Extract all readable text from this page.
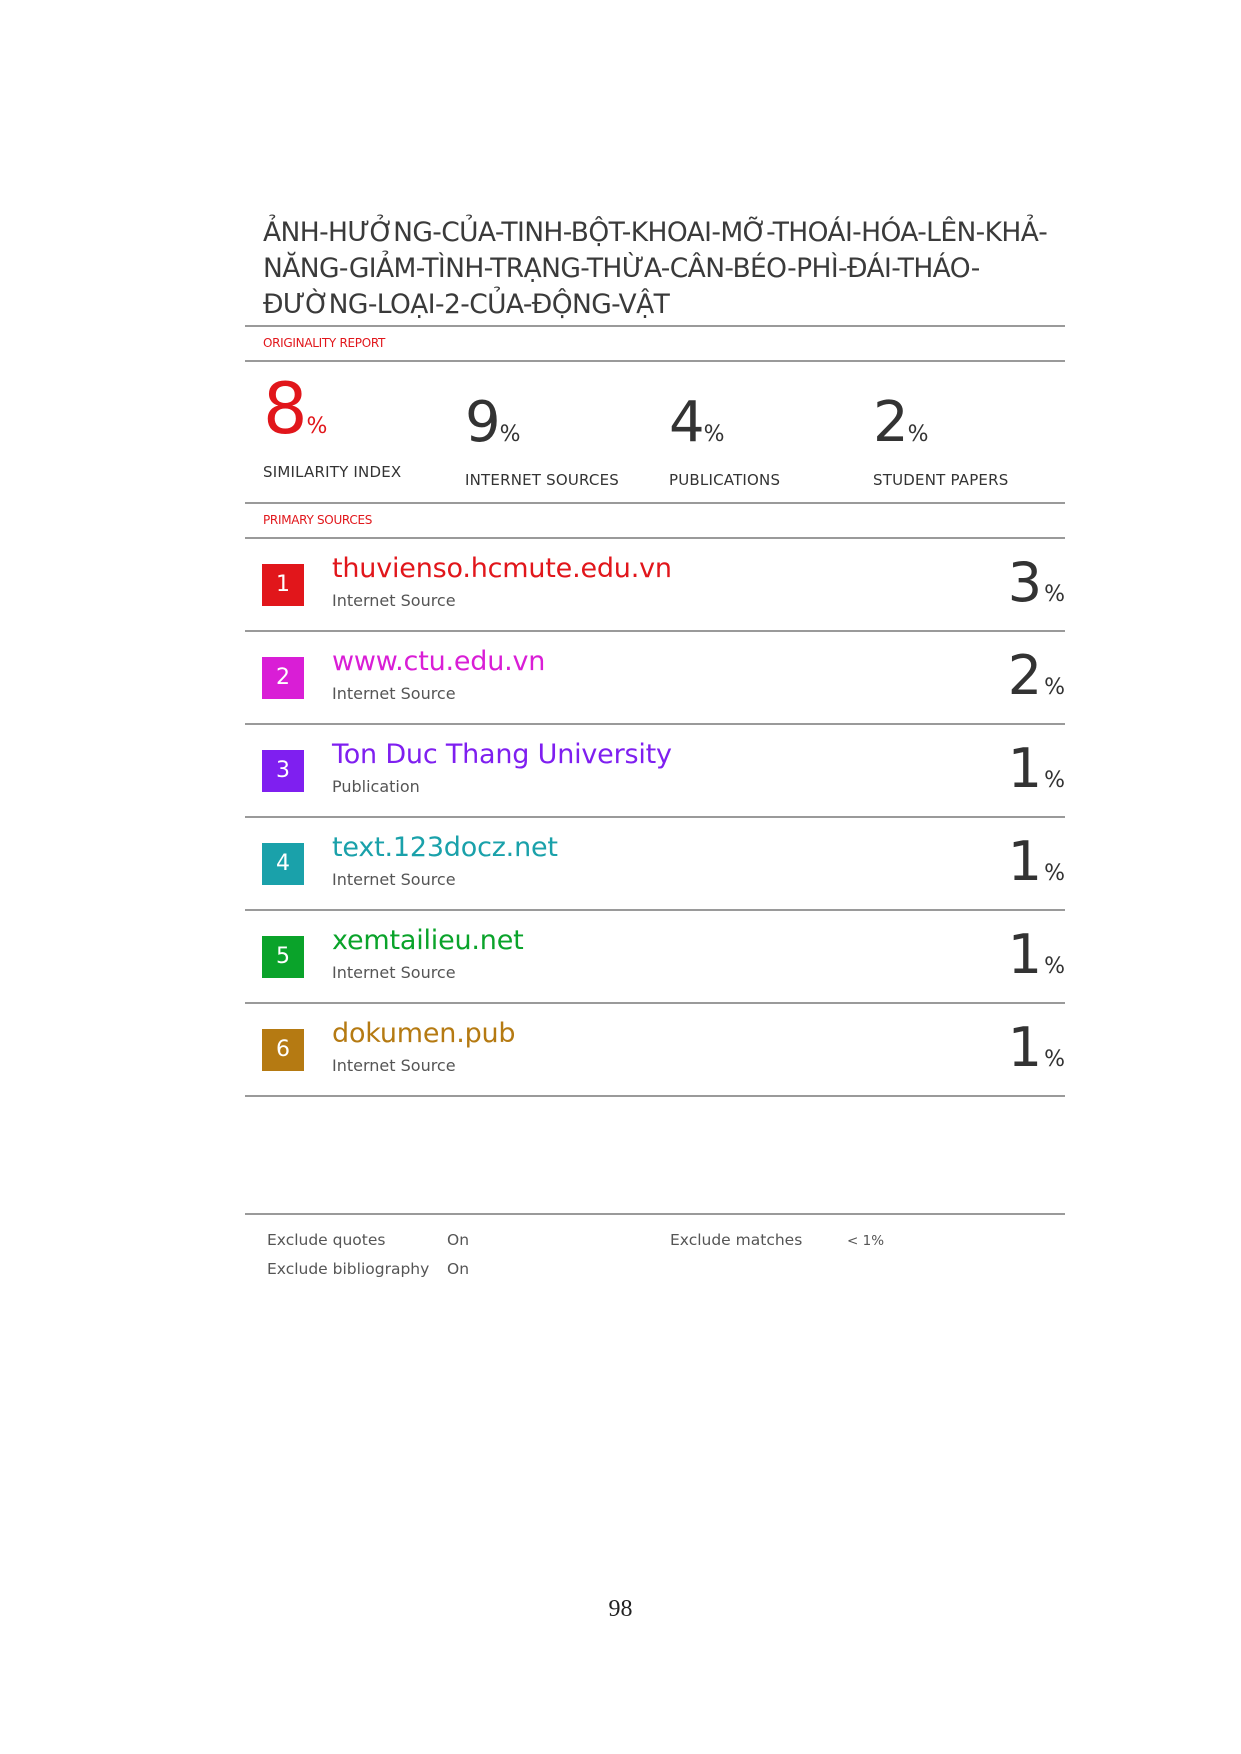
ẢNH-HƯỞNG-CỦA-TINH-BỘT-KHOAI-MỠ-THOÁI-HÓA-LÊN-KHẢ-NĂNG-GIẢM-TÌNH-TRẠNG-THỪA-CÂN-BÉO-PHÌ-ĐÁI-THÁO-ĐƯỜNG-LOẠI-2-CỦA-ĐỘNG-VẬT
ORIGINALITY REPORT
8%
SIMILARITY INDEX
9%
INTERNET SOURCES
4%
PUBLICATIONS
2%
STUDENT PAPERS
PRIMARY SOURCES
1
thuvienso.hcmute.edu.vn
Internet Source	3%
2
www.ctu.edu.vn
Internet Source	2%
3
Ton Duc Thang University
Publication	1%
4
text.123docz.net
Internet Source	1%
5
xemtailieu.net
Internet Source	1%
6
dokumen.pub
Internet Source	1%
Exclude quotes	On	Exclude matches	< 1%
Exclude bibliography On
98
